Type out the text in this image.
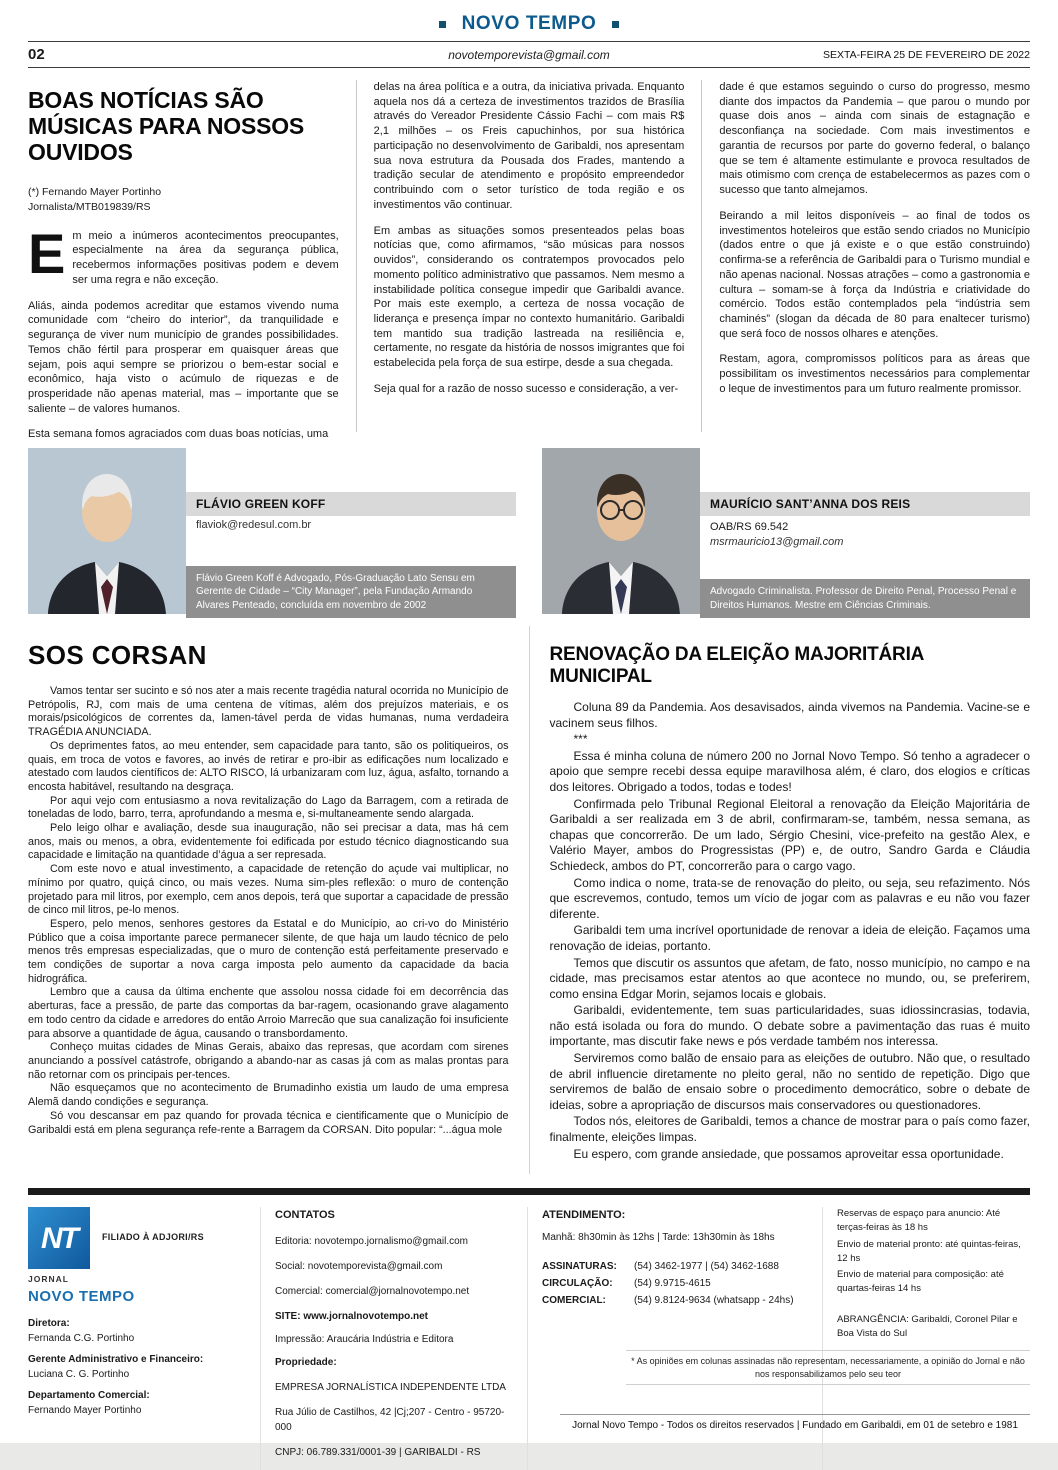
NOVO TEMPO
02	novotemporevista@gmail.com	SEXTA-FEIRA 25 DE FEVEREIRO DE 2022
BOAS NOTÍCIAS SÃO MÚSICAS PARA NOSSOS OUVIDOS
(*) Fernando Mayer Portinho
Jornalista/MTB019839/RS

Em meio a inúmeros acontecimentos preocupantes, especialmente na área da segurança pública, recebermos informações positivas podem e devem ser uma regra e não exceção.

Aliás, ainda podemos acreditar que estamos vivendo numa comunidade com “cheiro do interior”, da tranquilidade e segurança de viver num município de grandes possibilidades. Temos chão fértil para prosperar em quaisquer áreas que sejam, pois aqui sempre se priorizou o bem-estar social e econômico, haja visto o acúmulo de riquezas e de prosperidade não apenas material, mas – importante que se saliente – de valores humanos.

Esta semana fomos agraciados com duas boas notícias, uma

delas na área política e a outra, da iniciativa privada. Enquanto aquela nos dá a certeza de investimentos trazidos de Brasília através do Vereador Presidente Cássio Fachi – com mais R$ 2,1 milhões – os Freis capuchinhos, por sua histórica participação no desenvolvimento de Garibaldi, nos apresentam sua nova estrutura da Pousada dos Frades, mantendo a tradição secular de atendimento e propósito empreendedor contribuindo com o setor turístico de toda região e os investimentos vão continuar.

Em ambas as situações somos presenteados pelas boas notícias que, como afirmamos, “são músicas para nossos ouvidos”, considerando os contratempos provocados pelo momento político administrativo que passamos. Nem mesmo a instabilidade política consegue impedir que Garibaldi avance. Por mais este exemplo, a certeza de nossa vocação de liderança e presença ímpar no contexto humanitário. Garibaldi tem mantido sua tradição lastreada na resiliência e, certamente, no resgate da história de nossos imigrantes que foi estabelecida pela força de sua estirpe, desde a sua chegada.

Seja qual for a razão de nosso sucesso e consideração, a ver-

dade é que estamos seguindo o curso do progresso, mesmo diante dos impactos da Pandemia – que parou o mundo por quase dois anos – ainda com sinais de estagnação e desconfiança na sociedade. Com mais investimentos e garantia de recursos por parte do governo federal, o balanço que se tem é altamente estimulante e provoca resultados de mais otimismo com crença de estabelecermos as pazes com o sucesso que tanto almejamos.

Beirando a mil leitos disponíveis – ao final de todos os investimentos hoteleiros que estão sendo criados no Município (dados entre o que já existe e o que estão construindo) confirma-se a referência de Garibaldi para o Turismo mundial e não apenas nacional. Nossas atrações – como a gastronomia e cultura – somam-se à força da Indústria e criatividade do comércio. Todos estão contemplados pela “indústria sem chaminés” (slogan da década de 80 para enaltecer turismo) que será foco de nossos olhares e atenções.

Restam, agora, compromissos políticos para as áreas que possibilitam os investimentos necessários para complementar o leque de investimentos para um futuro realmente promissor.

FLÁVIO GREEN KOFF
flaviok@redesul.com.br
Flávio Green Koff é Advogado, Pós-Graduação Lato Sensu em Gerente de Cidade – “City Manager”, pela Fundação Armando Alvares Penteado, concluída em novembro de 2002
MAURÍCIO SANT’ANNA DOS REIS
OAB/RS 69.542
msrmauricio13@gmail.com
Advogado Criminalista. Professor de Direito Penal, Processo Penal e Direitos Humanos. Mestre em Ciências Criminais.
SOS CORSAN

Vamos tentar ser sucinto e só nos ater a mais recente tragédia natural ocorrida no Município de Petrópolis, RJ, com mais de uma centena de vítimas, além dos prejuízos materiais, e os morais/psicológicos de correntes da, lamen-tável perda de vidas humanas, numa verdadeira TRAGÉDIA ANUNCIADA.

Os deprimentes fatos, ao meu entender, sem capacidade para tanto, são os politiqueiros, os quais, em troca de votos e favores, ao invés de retirar e pro-ibir as edificações num localizado e atestado com laudos científicos de: ALTO RISCO, lá urbanizaram com luz, água, asfalto, tornando a encosta habitável, resultando na desgraça.

Por aqui vejo com entusiasmo a nova revitalização do Lago da Barragem, com a retirada de toneladas de lodo, barro, terra, aprofundando a mesma e, si-multaneamente sendo alargada.

Pelo leigo olhar e avaliação, desde sua inauguração, não sei precisar a data, mas há cem anos, mais ou menos, a obra, evidentemente foi edificada por estudo técnico diagnosticando sua capacidade e limitação na quantidade d’água a ser represada.

Com este novo e atual investimento, a capacidade de retenção do açude vai multiplicar, no mínimo por quatro, quiçá cinco, ou mais vezes. Numa sim-ples reflexão: o muro de contenção projetado para mil litros, por exemplo, cem anos depois, terá que suportar a capacidade de pressão de cinco mil litros, pe-lo menos.

Espero, pelo menos, senhores gestores da Estatal e do Município, ao cri-vo do Ministério Público que a coisa importante parece permanecer silente, de que haja um laudo técnico de pelo menos três empresas especializadas, que o muro de contenção está perfeitamente preservado e tem condições de suportar a nova carga imposta pelo aumento da capacidade da bacia hidrográfica.

Lembro que a causa da última enchente que assolou nossa cidade foi em decorrência das aberturas, face a pressão, de parte das comportas da bar-ragem, ocasionando grave alagamento em todo centro da cidade e arredores do então Arroio Marrecão que sua canalização foi insuficiente para absorve a quantidade de água, causando o transbordamento.

Conheço muitas cidades de Minas Gerais, abaixo das represas, que acordam com sirenes anunciando a possível catástrofe, obrigando a abando-nar as casas já com as malas prontas para não retornar com os principais per-tences.

Não esqueçamos que no acontecimento de Brumadinho existia um laudo de uma empresa Alemã dando condições e segurança.

Só vou descansar em paz quando for provada técnica e cientificamente que o Município de Garibaldi está em plena segurança refe-rente a Barragem da CORSAN. Dito popular: “...água mole

RENOVAÇÃO DA ELEIÇÃO MAJORITÁRIA MUNICIPAL

Coluna 89 da Pandemia. Aos desavisados, ainda vivemos na Pandemia. Vacine-se e vacinem seus filhos.

***

Essa é minha coluna de número 200 no Jornal Novo Tempo. Só tenho a agradecer o apoio que sempre recebi dessa equipe maravilhosa além, é claro, dos elogios e críticas dos leitores. Obrigado a todos, todas e todes!

Confirmada pelo Tribunal Regional Eleitoral a renovação da Eleição Majoritária de Garibaldi a ser realizada em 3 de abril, confirmaram-se, também, nessa semana, as chapas que concorrerão. De um lado, Sérgio Chesini, vice-prefeito na gestão Alex, e Valério Mayer, ambos do Progressistas (PP) e, de outro, Sandro Garda e Cláudia Schiedeck, ambos do PT, concorrerão para o cargo vago.

Como indica o nome, trata-se de renovação do pleito, ou seja, seu refazimento. Nós que escrevemos, contudo, temos um vício de jogar com as palavras e eu não vou fazer diferente.

Garibaldi tem uma incrível oportunidade de renovar a ideia de eleição. Façamos uma renovação de ideias, portanto.

Temos que discutir os assuntos que afetam, de fato, nosso município, no campo e na cidade, mas precisamos estar atentos ao que acontece no mundo, ou, se preferirem, como ensina Edgar Morin, sejamos locais e globais.

Garibaldi, evidentemente, tem suas particularidades, suas idiossincrasias, todavia, não está isolada ou fora do mundo. O debate sobre a pavimentação das ruas é muito importante, mas discutir fake news e pós verdade também nos interessa.

Serviremos como balão de ensaio para as eleições de outubro. Não que, o resultado de abril influencie diretamente no pleito geral, não no sentido de repetição. Digo que serviremos de balão de ensaio sobre o procedimento democrático, sobre o debate de ideias, sobre a apropriação de discursos mais conservadores ou questionadores.

Todos nós, eleitores de Garibaldi, temos a chance de mostrar para o país como fazer, finalmente, eleições limpas.

Eu espero, com grande ansiedade, que possamos aproveitar essa oportunidade.

NT	FILIADO À ADJORI/RS
JORNAL
NOVO TEMPO
Diretora:
Fernanda C.G. Portinho
Gerente Administrativo e Financeiro:
Luciana C. G. Portinho
Departamento Comercial:
Fernando Mayer Portinho
CONTATOS

Editoria: novotempo.jornalismo@gmail.com

Social: novotemporevista@gmail.com

Comercial: comercial@jornalnovotempo.net

SITE: www.jornalnovotempo.net
Impressão: Araucária Indústria e Editora
Propriedade:

EMPRESA JORNALÍSTICA INDEPENDENTE LTDA

Rua Júlio de Castilhos, 42 |Cj;207 - Centro - 95720-000

CNPJ: 06.789.331/0001-39 | GARIBALDI - RS

ATENDIMENTO:
Manhã: 8h30min às 12hs | Tarde: 13h30min às 18hs
ASSINATURAS:	(54) 3462-1977 | (54) 3462-1688
CIRCULAÇÃO:	(54) 9.9715-4615
COMERCIAL:	(54) 9.8124-9634 (whatsapp - 24hs)

Reservas de espaço para anuncio: Até terças-feiras às 18 hs

Envio de material pronto: até quintas-feiras, 12 hs

Envio de material para composição: até quartas-feiras 14 hs

ABRANGÊNCIA: Garibaldi, Coronel Pilar e Boa Vista do Sul
* As opiniões em colunas assinadas não representam, necessariamente, a opinião do Jornal e não nos responsabilizamos pelo seu teor
Jornal Novo Tempo - Todos os direitos reservados | Fundado em Garibaldi, em 01 de setebro e 1981
